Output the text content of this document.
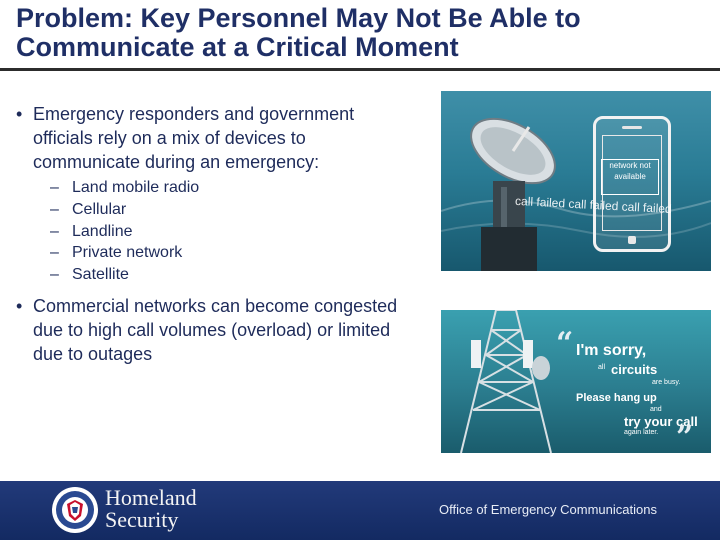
Problem: Key Personnel May Not Be Able to Communicate at a Critical Moment
• Emergency responders and government officials rely on a mix of devices to communicate during an emergency:
– Land mobile radio
– Cellular
– Landline
– Private network
– Satellite
• Commercial networks can become congested due to high call volumes (overload) or limited due to outages
network not available
call failed call failed call failed
“ I'm sorry,
all circuits
are busy.
Please hang up
and
try your call
again later. ”
Homeland
Security	Office of Emergency Communications
